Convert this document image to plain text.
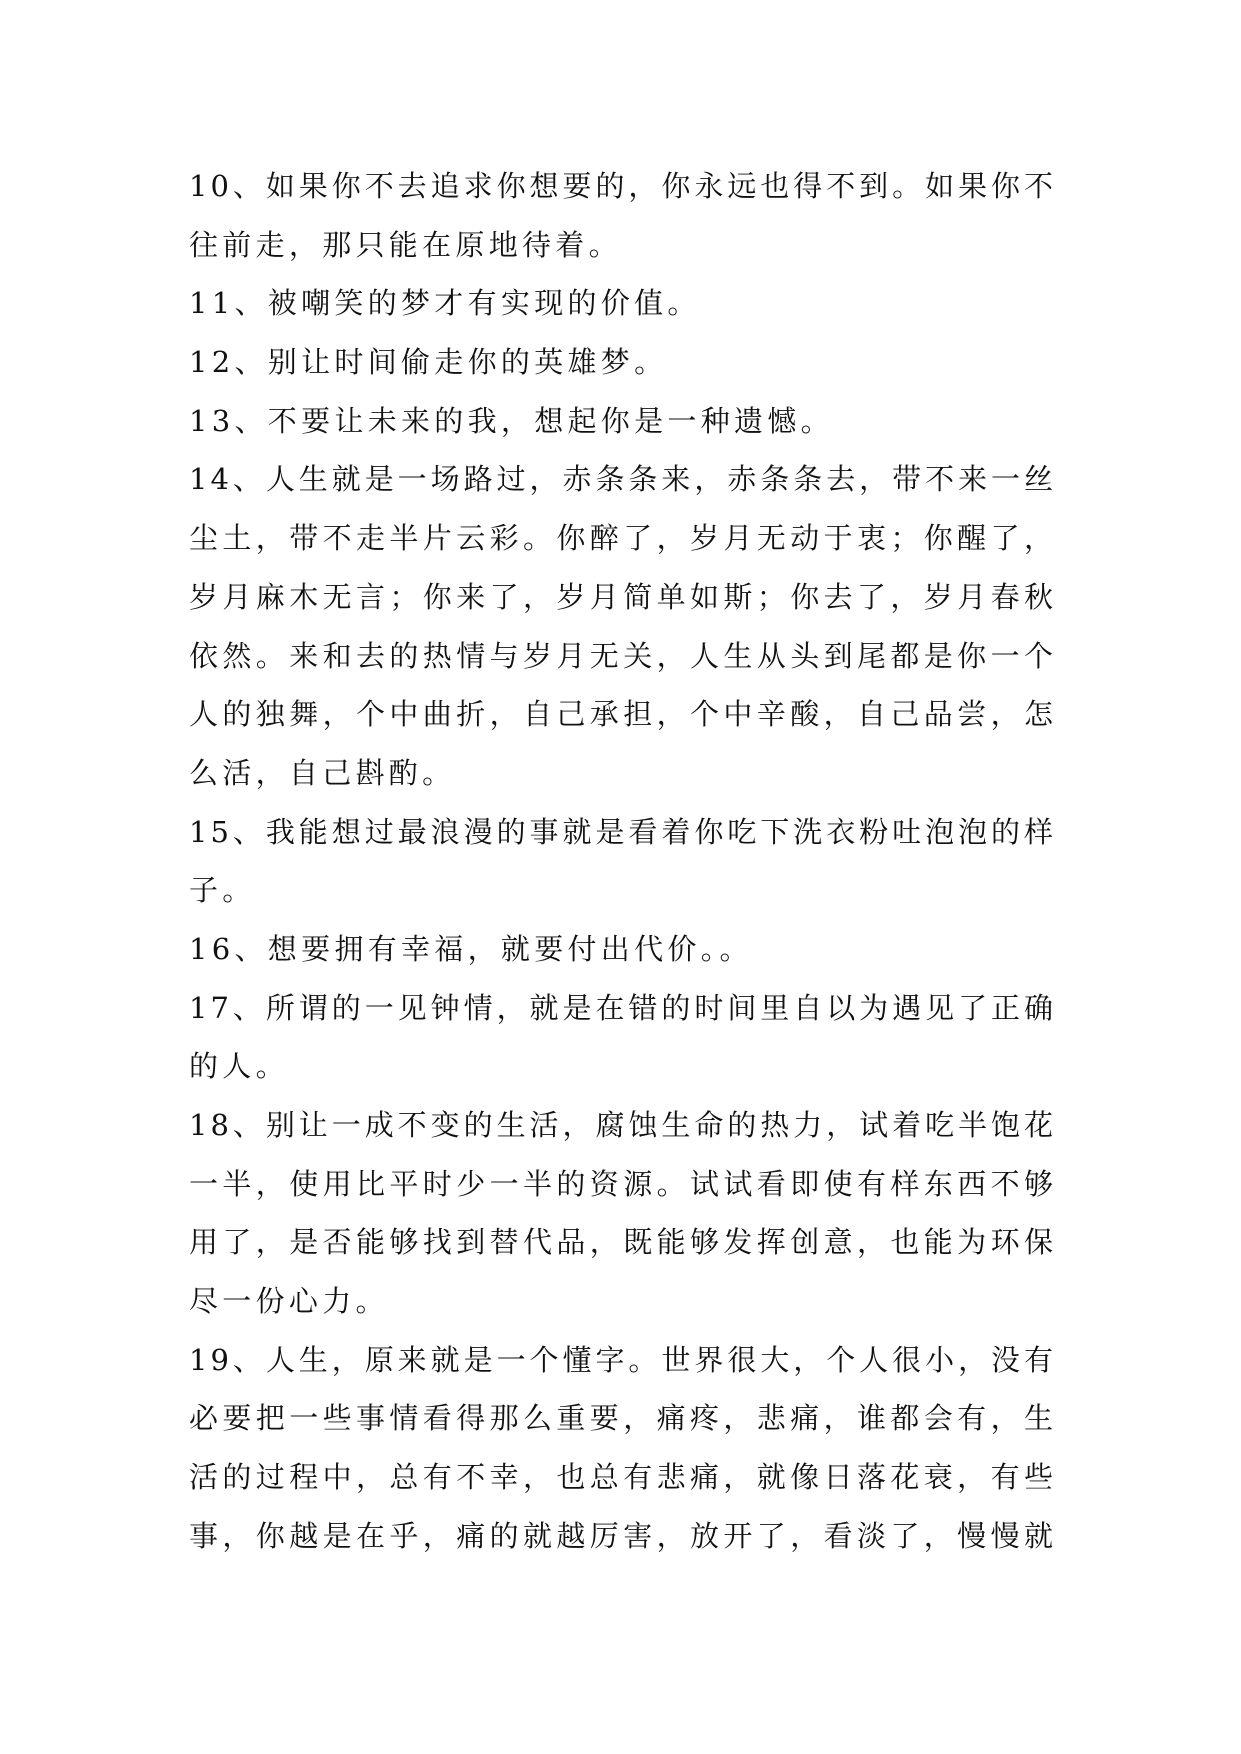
10、如果你不去追求你想要的，你永远也得不到。如果你不
往前走，那只能在原地待着。
11、被嘲笑的梦才有实现的价值。
12、别让时间偷走你的英雄梦。
13、不要让未来的我，想起你是一种遗憾。
14、人生就是一场路过，赤条条来，赤条条去，带不来一丝
尘土，带不走半片云彩。你醉了，岁月无动于衷；你醒了，
岁月麻木无言；你来了，岁月简单如斯；你去了，岁月春秋
依然。来和去的热情与岁月无关，人生从头到尾都是你一个
人的独舞，个中曲折，自己承担，个中辛酸，自己品尝，怎
么活，自己斟酌。
15、我能想过最浪漫的事就是看着你吃下洗衣粉吐泡泡的样
子。
16、想要拥有幸福，就要付出代价。。
17、所谓的一见钟情，就是在错的时间里自以为遇见了正确
的人。
18、别让一成不变的生活，腐蚀生命的热力，试着吃半饱花
一半，使用比平时少一半的资源。试试看即使有样东西不够
用了，是否能够找到替代品，既能够发挥创意，也能为环保
尽一份心力。
19、人生，原来就是一个懂字。世界很大，个人很小，没有
必要把一些事情看得那么重要，痛疼，悲痛，谁都会有，生
活的过程中，总有不幸，也总有悲痛，就像日落花衰，有些
事，你越是在乎，痛的就越厉害，放开了，看淡了，慢慢就
